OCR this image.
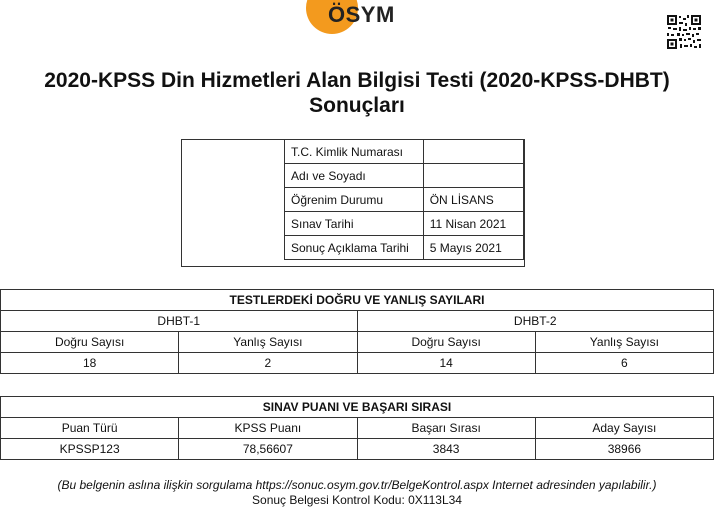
ÖSYM
2020-KPSS Din Hizmetleri Alan Bilgisi Testi (2020-KPSS-DHBT)
Sonuçları
T.C. Kimlik Numarası	
Adı ve Soyadı	
Öğrenim Durumu	ÖN LİSANS
Sınav Tarihi	11 Nisan 2021
Sonuç Açıklama Tarihi	5 Mayıs 2021
TESTLERDEKİ DOĞRU VE YANLIŞ SAYILARI			
DHBT-1		DHBT-2	
Doğru Sayısı	Yanlış Sayısı	Doğru Sayısı	Yanlış Sayısı
18	2	14	6
SINAV PUANI VE BAŞARI SIRASI			
Puan Türü	KPSS Puanı	Başarı Sırası	Aday Sayısı
KPSSP123	78,56607	3843	38966
(Bu belgenin aslına ilişkin sorgulama https://sonuc.osym.gov.tr/BelgeKontrol.aspx Internet adresinden yapılabilir.)
Sonuç Belgesi Kontrol Kodu: 0X113L34
